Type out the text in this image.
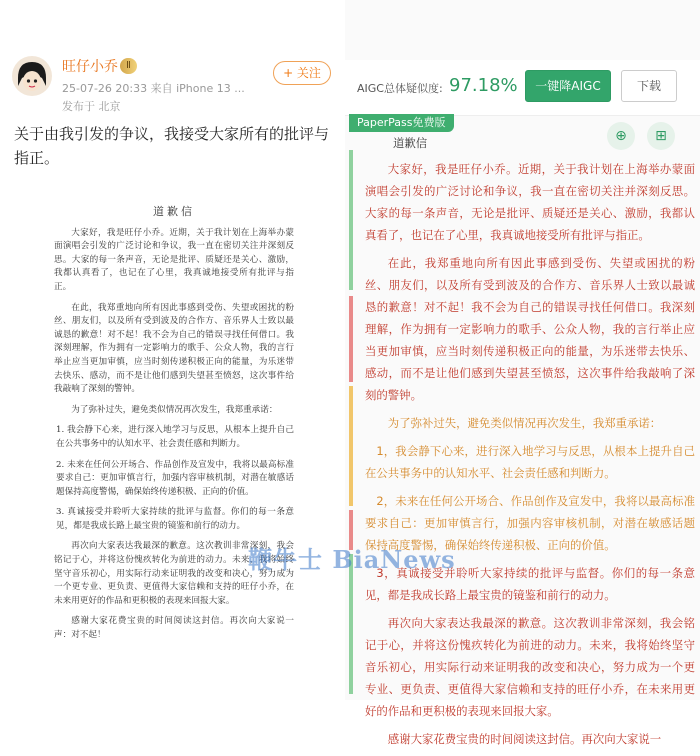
旺仔小乔 Ⅱ
25-07-26 20:33 来自 iPhone 13 ...
发布于 北京
+ 关注
关于由我引发的争议，我接受大家所有的批评与指正。
道歉信

大家好，我是旺仔小乔。近期，关于我计划在上海举办蒙面演唱会引发的广泛讨论和争议，我一直在密切关注并深刻反思。大家的每一条声音，无论是批评、质疑还是关心、激励，我都认真看了，也记在了心里，我真诚地接受所有批评与指正。

在此，我郑重地向所有因此事感到受伤、失望或困扰的粉丝、朋友们，以及所有受到波及的合作方、音乐界人士致以最诚恳的歉意！对不起！我不会为自己的错误寻找任何借口。我深刻理解，作为拥有一定影响力的歌手、公众人物，我的言行举止应当更加审慎，应当时刻传递积极正向的能量，为乐迷带去快乐、感动，而不是让他们感到失望甚至愤怒，这次事件给我敲响了深刻的警钟。

为了弥补过失，避免类似情况再次发生，我郑重承诺：

1. 我会静下心来，进行深入地学习与反思，从根本上提升自己在公共事务中的认知水平、社会责任感和判断力。

2. 未来在任何公开场合、作品创作及宣发中，我将以最高标准要求自己：更加审慎言行，加强内容审核机制，对潜在敏感话题保持高度警惕，确保始终传递积极、正向的价值。

3. 真诚接受并聆听大家持续的批评与监督。你们的每一条意见，都是我成长路上最宝贵的镜鉴和前行的动力。

再次向大家表达我最深的歉意。这次教训非常深刻，我会铭记于心，并将这份愧疚转化为前进的动力。未来，我将始终坚守音乐初心，用实际行动来证明我的改变和决心，努力成为一个更专业、更负责、更值得大家信赖和支持的旺仔小乔，在未来用更好的作品和更积极的表现来回报大家。

感谢大家花费宝贵的时间阅读这封信。再次向大家说一声：对不起！

AIGC总体疑似度: 97.18%	一键降AIGC	下载
PaperPass免费版
⊕	⊞
道歉信

大家好，我是旺仔小乔。近期，关于我计划在上海举办蒙面演唱会引发的广泛讨论和争议，我一直在密切关注并深刻反思。大家的每一条声音，无论是批评、质疑还是关心、激励，我都认真看了，也记在了心里，我真诚地接受所有批评与指正。

在此，我郑重地向所有因此事感到受伤、失望或困扰的粉丝、朋友们，以及所有受到波及的合作方、音乐界人士致以最诚恳的歉意！对不起！我不会为自己的错误寻找任何借口。我深刻理解，作为拥有一定影响力的歌手、公众人物，我的言行举止应当更加审慎，应当时刻传递积极正向的能量，为乐迷带去快乐、感动，而不是让他们感到失望甚至愤怒，这次事件给我敲响了深刻的警钟。

为了弥补过失，避免类似情况再次发生，我郑重承诺：

1，我会静下心来，进行深入地学习与反思，从根本上提升自己在公共事务中的认知水平、社会责任感和判断力。

2，未来在任何公开场合、作品创作及宣发中，我将以最高标准要求自己：更加审慎言行，加强内容审核机制，对潜在敏感话题保持高度警惕，确保始终传递积极、正向的价值。

3，真诚接受并聆听大家持续的批评与监督。你们的每一条意见，都是我成长路上最宝贵的镜鉴和前行的动力。

再次向大家表达我最深的歉意。这次教训非常深刻，我会铭记于心，并将这份愧疚转化为前进的动力。未来，我将始终坚守音乐初心，用实际行动来证明我的改变和决心，努力成为一个更专业、更负责、更值得大家信赖和支持的旺仔小乔，在未来用更好的作品和更积极的表现来回报大家。

感谢大家花费宝贵的时间阅读这封信。再次向大家说一

鞭牛士 BiaNews
